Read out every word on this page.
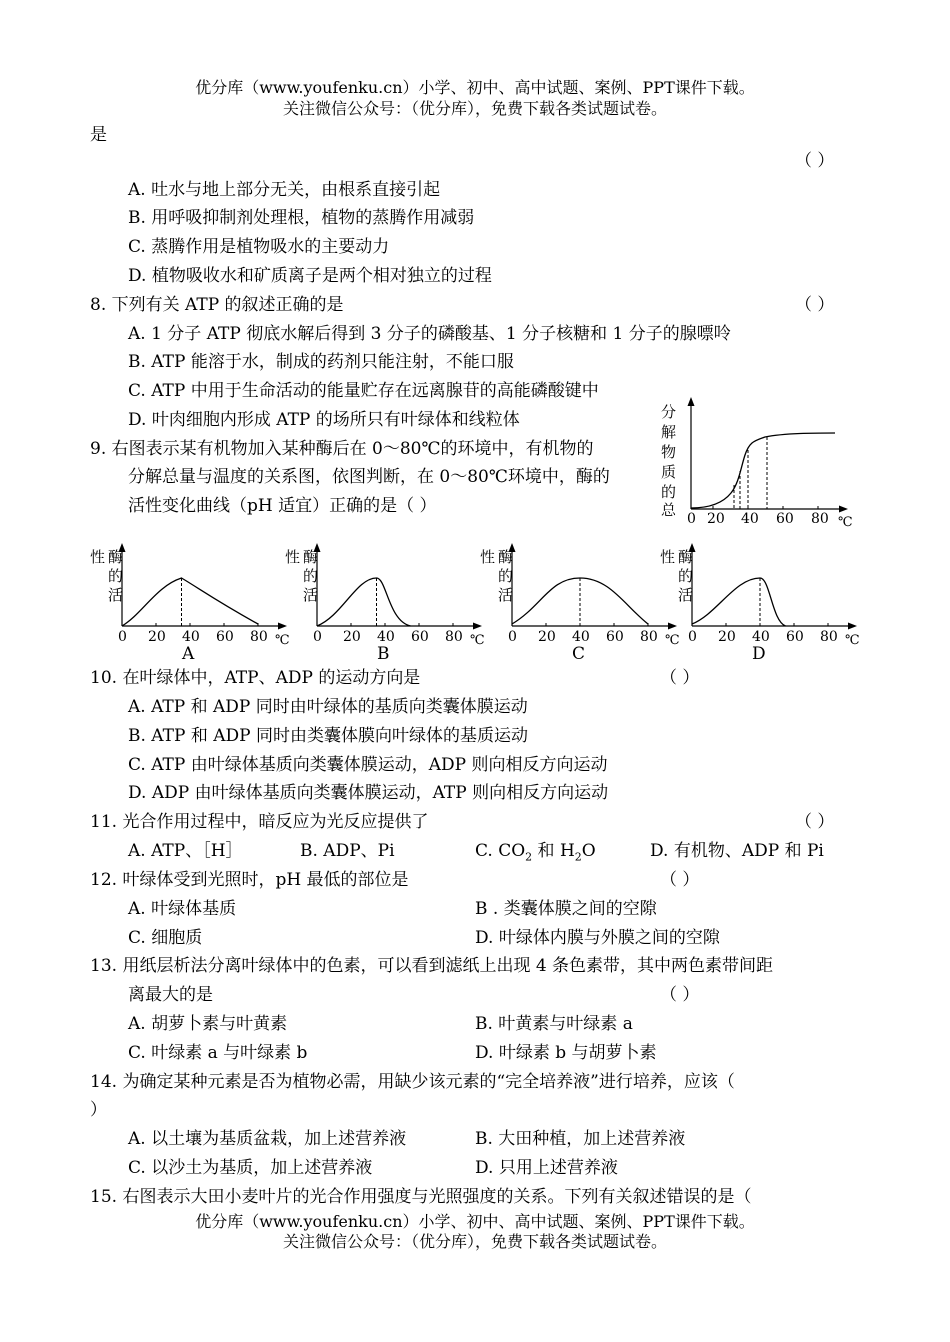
优分库（www.youfenku.cn）小学、初中、高中试题、案例、PPT课件下载。
关注微信公众号：（优分库），免费下载各类试题试卷。
是
（ ）
A. 吐水与地上部分无关，由根系直接引起
B. 用呼吸抑制剂处理根，植物的蒸腾作用减弱
C. 蒸腾作用是植物吸水的主要动力
D. 植物吸收水和矿质离子是两个相对独立的过程
8. 下列有关 ATP 的叙述正确的是	（ ）
A. 1 分子 ATP 彻底水解后得到 3 分子的磷酸基、1 分子核糖和 1 分子的腺嘌呤
B. ATP 能溶于水，制成的药剂只能注射，不能口服
C. ATP 中用于生命活动的能量贮存在远离腺苷的高能磷酸键中
D. 叶肉细胞内形成 ATP 的场所只有叶绿体和线粒体
9. 右图表示某有机物加入某种酶后在 0～80℃的环境中，有机物的
分解总量与温度的关系图，依图判断，在 0～80℃环境中，酶的
活性变化曲线（pH 适宜）正确的是（ ）
分
解
物
质
的
总 0 20 40 60 80 ℃
性 酶
的
活
0 20 40 60 80 ℃
A
性 酶
的
活
0 20 40 60 80 ℃
B
性 酶
的
活
0 20 40 60 80 ℃
C
性 酶
的
活
0 20 40 60 80 ℃
D
10. 在叶绿体中，ATP、ADP 的运动方向是	（ ）
A. ATP 和 ADP 同时由叶绿体的基质向类囊体膜运动
B. ATP 和 ADP 同时由类囊体膜向叶绿体的基质运动
C. ATP 由叶绿体基质向类囊体膜运动，ADP 则向相反方向运动
D. ADP 由叶绿体基质向类囊体膜运动，ATP 则向相反方向运动
11. 光合作用过程中，暗反应为光反应提供了	（ ）
A. ATP、［H］	B. ADP、Pi	C. $CO_2$ 和 $H_2O$	D. 有机物、ADP 和 Pi
12. 叶绿体受到光照时，pH 最低的部位是	（ ）
A. 叶绿体基质	B . 类囊体膜之间的空隙
C. 细胞质	D. 叶绿体内膜与外膜之间的空隙
13. 用纸层析法分离叶绿体中的色素，可以看到滤纸上出现 4 条色素带，其中两色素带间距
离最大的是	（ ）
A. 胡萝卜素与叶黄素	B. 叶黄素与叶绿素 a
C. 叶绿素 a 与叶绿素 b	D. 叶绿素 b 与胡萝卜素
14. 为确定某种元素是否为植物必需，用缺少该元素的“完全培养液”进行培养，应该（
）
A. 以土壤为基质盆栽，加上述营养液	B. 大田种植，加上述营养液
C. 以沙土为基质，加上述营养液	D. 只用上述营养液
15. 右图表示大田小麦叶片的光合作用强度与光照强度的关系。下列有关叙述错误的是（
优分库（www.youfenku.cn）小学、初中、高中试题、案例、PPT课件下载。
关注微信公众号：（优分库），免费下载各类试题试卷。
